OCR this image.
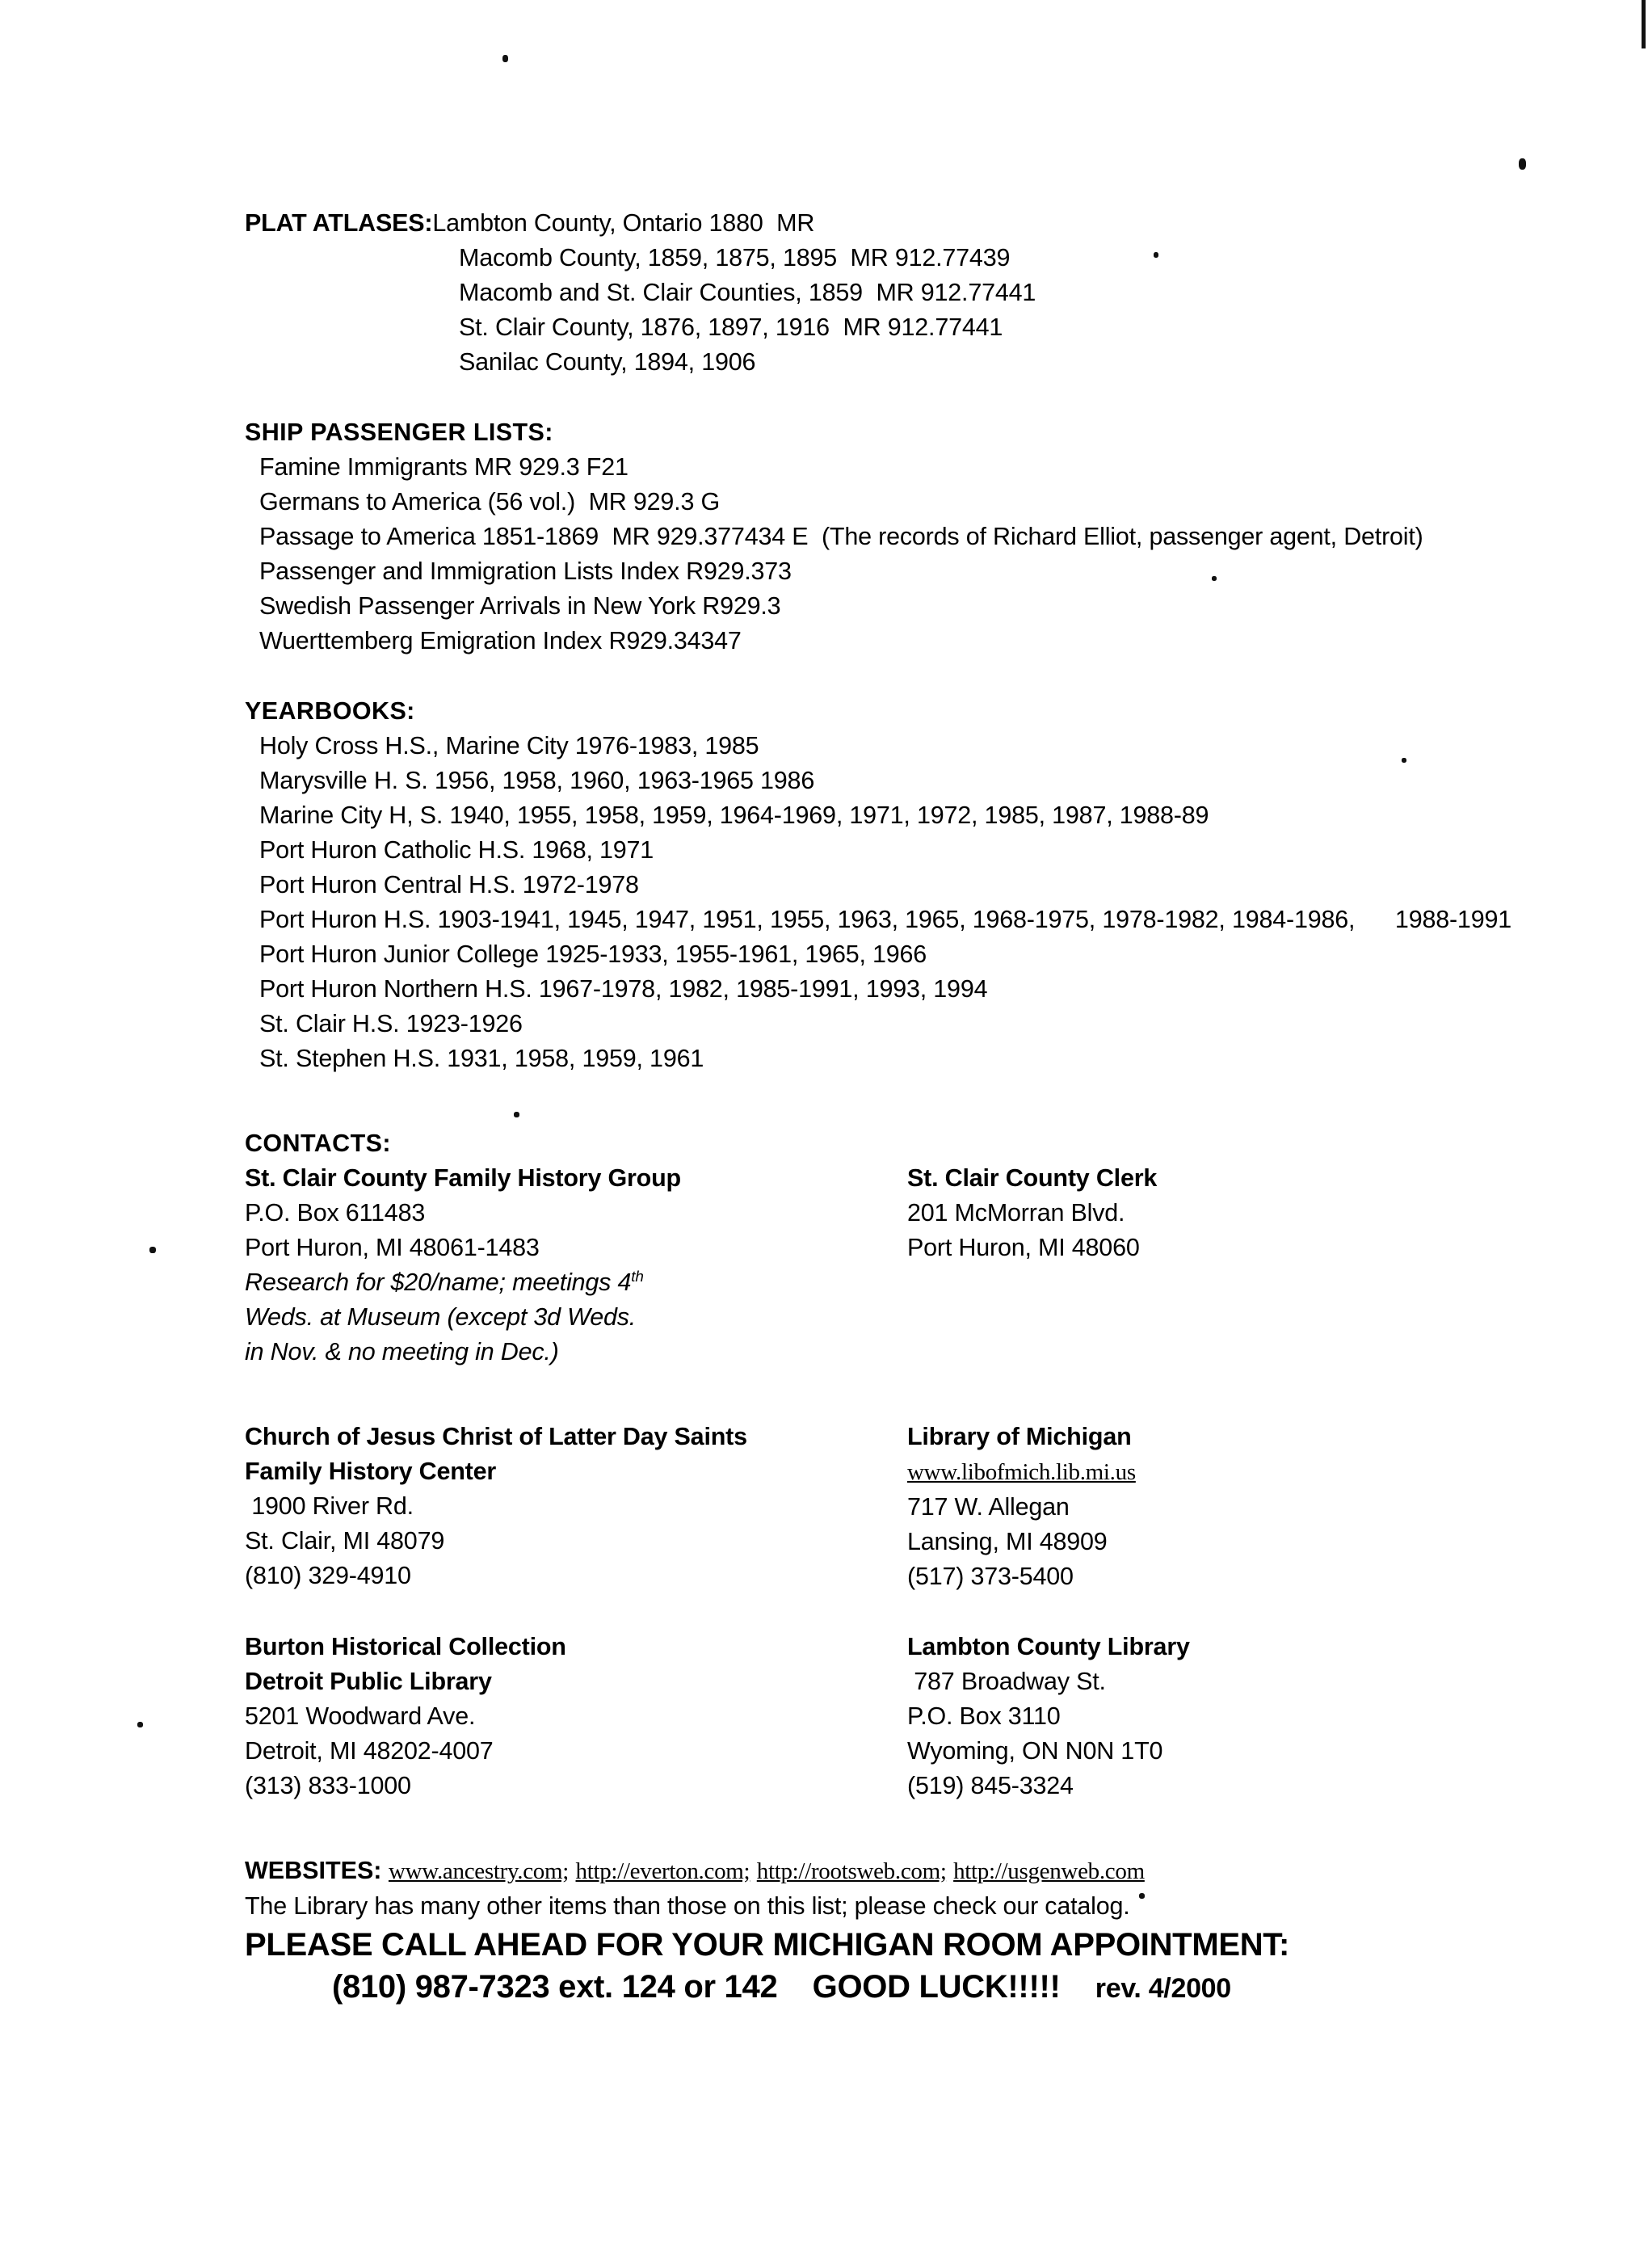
PLAT ATLASES:Lambton County, Ontario 1880  MR
Macomb County, 1859, 1875, 1895  MR 912.77439
Macomb and St. Clair Counties, 1859  MR 912.77441
St. Clair County, 1876, 1897, 1916  MR 912.77441
Sanilac County, 1894, 1906
SHIP PASSENGER LISTS:
Famine Immigrants MR 929.3 F21
Germans to America (56 vol.)  MR 929.3 G
Passage to America 1851-1869  MR 929.377434 E  (The records of Richard Elliot, passenger agent, Detroit)
Passenger and Immigration Lists Index R929.373
Swedish Passenger Arrivals in New York R929.3
Wuerttemberg Emigration Index R929.34347
YEARBOOKS:
Holy Cross H.S., Marine City 1976-1983, 1985
Marysville H. S. 1956, 1958, 1960, 1963-1965 1986
Marine City H, S. 1940, 1955, 1958, 1959, 1964-1969, 1971, 1972, 1985, 1987, 1988-89
Port Huron Catholic H.S. 1968, 1971
Port Huron Central H.S. 1972-1978
Port Huron H.S. 1903-1941, 1945, 1947, 1951, 1955, 1963, 1965, 1968-1975, 1978-1982, 1984-1986,      1988-1991
Port Huron Junior College 1925-1933, 1955-1961, 1965, 1966
Port Huron Northern H.S. 1967-1978, 1982, 1985-1991, 1993, 1994
St. Clair H.S. 1923-1926
St. Stephen H.S. 1931, 1958, 1959, 1961
CONTACTS:
St. Clair County Family History Group
P.O. Box 611483
Port Huron, MI 48061-1483
Research for $20/name; meetings 4th
Weds. at Museum (except 3d Weds.
in Nov. & no meeting in Dec.)
St. Clair County Clerk
201 McMorran Blvd.
Port Huron, MI 48060
Church of Jesus Christ of Latter Day Saints
Family History Center
1900 River Rd.
St. Clair, MI 48079
(810) 329-4910
Library of Michigan
www.libofmich.lib.mi.us
717 W. Allegan
Lansing, MI 48909
(517) 373-5400
Burton Historical Collection
Detroit Public Library
5201 Woodward Ave.
Detroit, MI 48202-4007
(313) 833-1000
Lambton County Library
787 Broadway St.
P.O. Box 3110
Wyoming, ON N0N 1T0
(519) 845-3324
WEBSITES: www.ancestry.com; http://everton.com; http://rootsweb.com; http://usgenweb.com
The Library has many other items than those on this list; please check our catalog.
PLEASE CALL AHEAD FOR YOUR MICHIGAN ROOM APPOINTMENT:
(810) 987-7323 ext. 124 or 142 GOOD LUCK!!!!! rev. 4/2000
